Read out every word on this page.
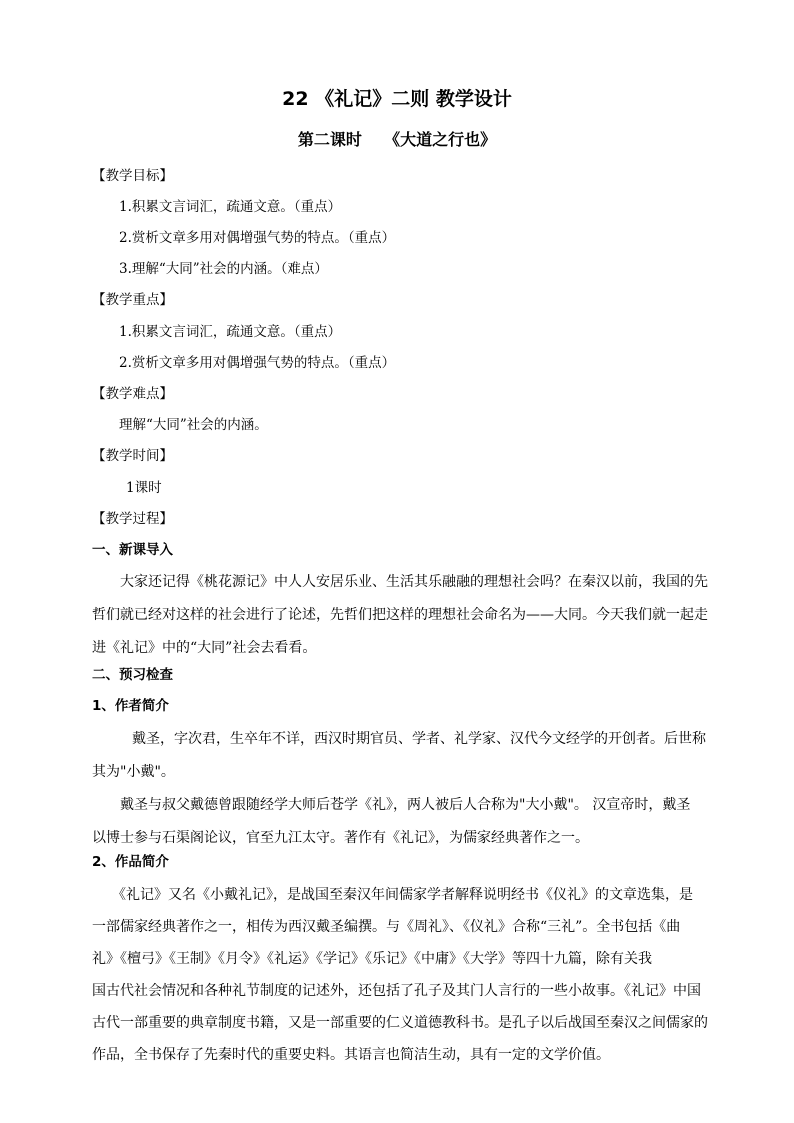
22 《礼记》二则 教学设计
第二课时    《大道之行也》
【教学目标】
1.积累文言词汇，疏通文意。（重点）
2.赏析文章多用对偶增强气势的特点。（重点）
3.理解“大同”社会的内涵。（难点）
【教学重点】
1.积累文言词汇，疏通文意。（重点）
2.赏析文章多用对偶增强气势的特点。（重点）
【教学难点】
理解“大同”社会的内涵。
【教学时间】
1课时
【教学过程】
一、新课导入
大家还记得《桃花源记》中人人安居乐业、生活其乐融融的理想社会吗？在秦汉以前，我国的先
哲们就已经对这样的社会进行了论述，先哲们把这样的理想社会命名为——大同。今天我们就一起走
进《礼记》中的“大同”社会去看看。
二、预习检查
1、作者简介
戴圣，字次君，生卒年不详，西汉时期官员、学者、礼学家、汉代今文经学的开创者。后世称
其为"小戴"。
戴圣与叔父戴德曾跟随经学大师后苍学《礼》，两人被后人合称为"大小戴"。 汉宣帝时，戴圣
以博士参与石渠阁论议，官至九江太守。著作有《礼记》，为儒家经典著作之一。
2、作品简介
《礼记》又名《小戴礼记》，是战国至秦汉年间儒家学者解释说明经书《仪礼》的文章选集，是
一部儒家经典著作之一，相传为西汉戴圣编撰。与《周礼》、《仪礼》合称“三礼”。全书包括《曲
礼》《檀弓》《王制》《月令》《礼运》《学记》《乐记》《中庸》《大学》等四十九篇，除有关我
国古代社会情况和各种礼节制度的记述外，还包括了孔子及其门人言行的一些小故事。《礼记》中国
古代一部重要的典章制度书籍，又是一部重要的仁义道德教科书。是孔子以后战国至秦汉之间儒家的
作品，全书保存了先秦时代的重要史料。其语言也简洁生动，具有一定的文学价值。
